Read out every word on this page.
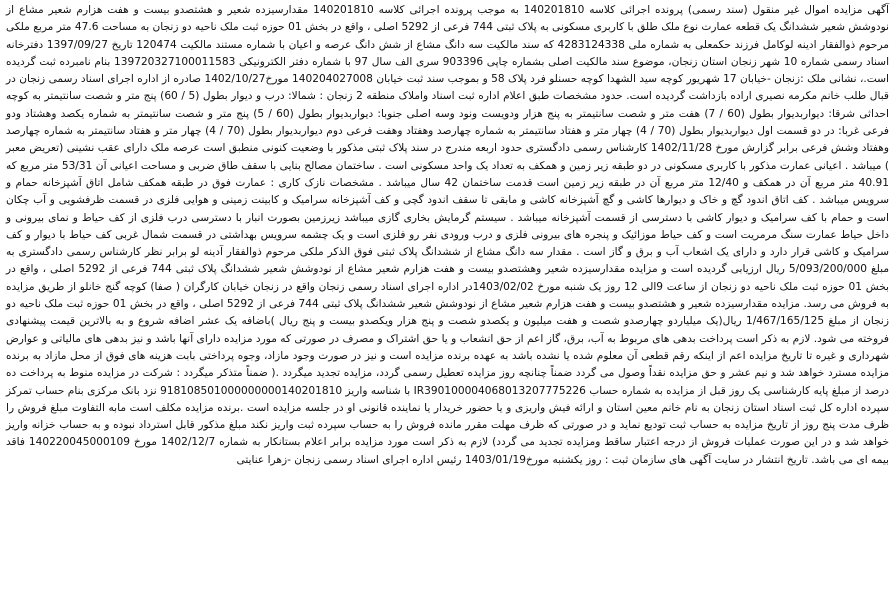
آگهی مزایده اموال غیر منقول (سند رسمی) پرونده اجرائی کلاسه 140201810 به موجب پرونده اجرائی کلاسه 140201810 مقدارسیزده شعیر و هشتصدو بیست و هفت هزارم شعیر مشاع از نودوشش شعیر ششدانگ یک قطعه عمارت نوع ملک طلق با کاربری مسکونی به پلاک ثبتی 744 فرعی از 5292 اصلی ، واقع در بخش 01 حوزه ثبت ملک ناحیه دو زنجان به مساحت 47.6 متر مربع ملکی مرحوم ذوالفقار ادینه لوکامل فرزند حکمعلی به شماره ملی 4283124338 که سند مالکیت سه دانگ مشاع از شش دانگ عرصه و اعیان با شماره مستند مالکیت 120474 تاریخ 1397/09/27 دفترخانه اسناد رسمی شماره 10 شهر زنجان استان زنجان، موضوع سند مالکیت اصلی بشماره چاپی 903396 سری الف سال 97 با شماره دفتر الکترونیکی 139720327100011583 بنام نامبرده ثبت گردیده است.، نشانی ملک :زنجان -خیابان 17 شهریور کوچه سید الشهدا کوچه حسنلو فرد پلاک 58 و بموجب سند ثبت خیابان 140204027008 مورخ1402/10/27 صادره از اداره اجرای اسناد رسمی زنجان در قبال طلب خانم مکرمه نصیری اراده بازداشت گردیده است. حدود مشخصات طبق اعلام اداره ثبت اسناد واملاک منطقه 2 زنجان : شمالا: درب و دیوار بطول (5 / 60) پنج متر و شصت سانتیمتر به کوچه احداثی شرقا: دیواربدیوار بطول (60 / 7) هفت متر و شصت سانتیمتر به پنج هزار ودویست ونود وسه اصلی جنوبا: دیواربدیوار بطول (60 / 5) پنج متر و شصت سانتیمتر به شماره یکصد وهشتاد ودو فرعی غربا: در دو قسمت اول دیواربدیوار بطول (70 / 4) چهار متر و هفتاد سانتیمتر به شماره چهارصد وهفتاد وهفت فرعی دوم دیواربدیوار بطول (70 / 4) چهار متر و هفتاد سانتیمتر به شماره چهارصد وهفتاد وشش فرعی برابر گزارش مورخ 1402/11/28 کارشناس رسمی دادگستری حدود اربعه مندرج در سند پلاک ثبتی مذکور با وضعیت کنونی منطبق است عرصه ملک دارای عقب نشینی (تعریض معبر ) میباشد . اعیانی عمارت مذکور با کاربری مسکونی در دو طبقه زیر زمین و همکف به تعداد یک واحد مسکونی است . ساختمان مصالح بنایی با سقف طاق ضربی و مساحت اعیانی آن 53/31 متر مربع که 40.91 متر مربع آن در همکف و 12/40 متر مربع آن در طبقه زیر زمین است قدمت ساختمان 42 سال میباشد . مشخصات نازک کاری : عمارت فوق در طبقه همکف شامل اتاق آشپزخانه حمام و سرویس میباشد . کف اتاق اندود گچ و خاک و دیوارها کاشی و گچ آشپزخانه کاشی و مابقی تا سقف اندود گچی و کف آشپزخانه سرامیک و کابینت زمینی و هوایی فلزی در قسمت ظرفشویی و آب چکان است و حمام با کف سرامیک و دیوار کاشی با دسترسی از قسمت آشپزخانه میباشد . سیستم گرمایش بخاری گازی میباشد زیرزمین بصورت انبار با دسترسی درب فلزی از کف حیاط و نمای بیرونی و داخل حیاط عمارت سنگ مرمریت است و کف حیاط موزائیک و پنجره های بیرونی فلزی و درب ورودی نفر رو فلزی است و یک چشمه سرویس بهداشتی در قسمت شمال غربی کف حیاط با دیوار و کف سرامیک و کاشی قرار دارد و دارای یک اشعاب آب و برق و گاز است . مقدار سه دانگ مشاع از ششدانگ پلاک ثبتی فوق الذکر ملکی مرحوم ذوالفقار آدینه لو برابر نظر کارشناس رسمی دادگستری به مبلغ 5/093/200/000 ریال ارزیابی گردیده است و مزایده مقدارسیزده شعیر وهشتصدو بیست و هفت هزارم شعیر مشاع از نودوشش شعیر ششدانگ پلاک ثبتی 744 فرعی از 5292 اصلی ، واقع در بخش 01 حوزه ثبت ملک ناحیه دو زنجان از ساعت 9الی 12 روز یک شنبه مورخ 1403/02/02در اداره اجرای اسناد رسمی زنجان واقع در زنجان خیابان کارگران ( صفا) کوچه گنج خانلو از طریق مزایده به فروش می رسد. مزایده مقدارسیزده شعیر و هشتصدو بیست و هفت هزارم شعیر مشاع از نودوشش شعیر ششدانگ پلاک ثبتی 744 فرعی از 5292 اصلی ، واقع در بخش 01 حوزه ثبت ملک ناحیه دو زنجان از مبلغ 1/467/165/125 ریال(یک میلیاردو چهارصدو شصت و هفت میلیون و یکصدو شصت و پنج هزار ویکصدو بیست و پنج ریال )باضافه یک عشر اضافه شروع و به بالاترین قیمت پیشنهادی فروخته می شود. لازم به ذکر است پرداخت بدهی های مربوط به آب، برق، گاز اعم از حق انشعاب و یا حق اشتراک و مصرف در صورتی که مورد مزایده دارای آنها باشد و نیز بدهی های مالیاتی و عوارض شهرداری و غیره تا تاریخ مزایده اعم از اینکه رقم قطعی آن معلوم شده یا نشده باشد به عهده برنده مزایده است و نیز در صورت وجود مازاد، وجوه پرداختی بابت هزینه های فوق از محل مازاد به برنده مزایده مسترد خواهد شد و نیم عشر و حق مزایده نقداً وصول می گردد ضمناً چنانچه روز مزایده تعطیل رسمی گردد، مزایده تجدید میگردد .( ضمناً متذکر میگردد : شرکت در مزایده منوط به پرداخت ده درصد از مبلغ پایه کارشناسی یک روز قبل از مزایده به شماره حساب IR390100004068013207775226 با شناسه واریز 918108501000000000140201810 نزد بانک مرکزی بنام حساب تمرکز سپرده اداره کل ثبت اسناد استان زنجان به نام خانم معین استان و ارائه فیش واریزی و یا حضور خریدار یا نماینده قانونی او در جلسه مزایده است .برنده مزایده مکلف است مابه التفاوت مبلغ فروش را ظرف مدت پنج روز از تاریخ مزایده به حساب ثبت تودیع نماید و در صورتی که ظرف مهلت مقرر مانده فروش را به حساب سپرده ثبت واریز نکند مبلغ مذکور قابل استرداد نبوده و به حساب خزانه واریز خواهد شد و در این صورت عملیات فروش از درجه اعتبار ساقط ومزایده تجدید می گردد) لازم به ذکر است مورد مزایده برابر اعلام بستانکار به شماره 1402/12/7 مورخ 140220045000109 فاقد بیمه ای می باشد. تاریخ انتشار در سایت آگهی های سازمان ثبت : روز یکشنبه مورخ1403/01/19 رئیس اداره اجرای اسناد رسمی زنجان -زهرا عنایتی
